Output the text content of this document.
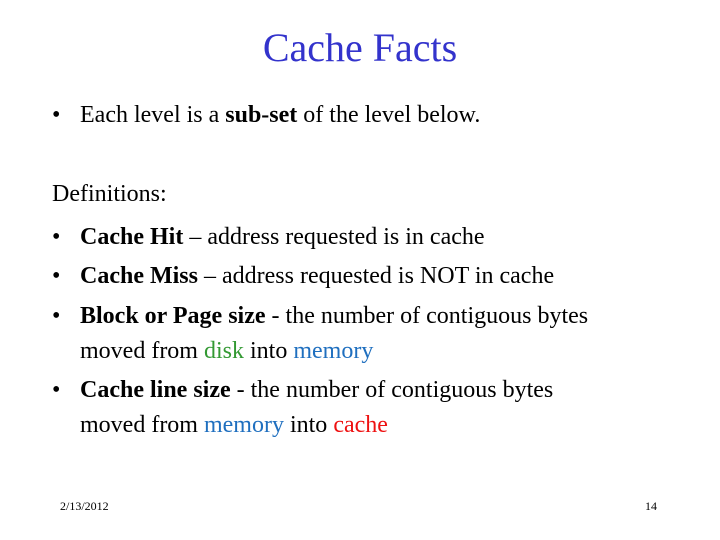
Cache Facts
• Each level is a sub-set of the level below.
Definitions:
• Cache Hit – address requested is in cache
• Cache Miss – address requested is NOT in cache
• Block or Page size - the number of contiguous bytes
moved from disk into memory
• Cache line size - the number of contiguous bytes
moved from memory into cache
2/13/2012	14
